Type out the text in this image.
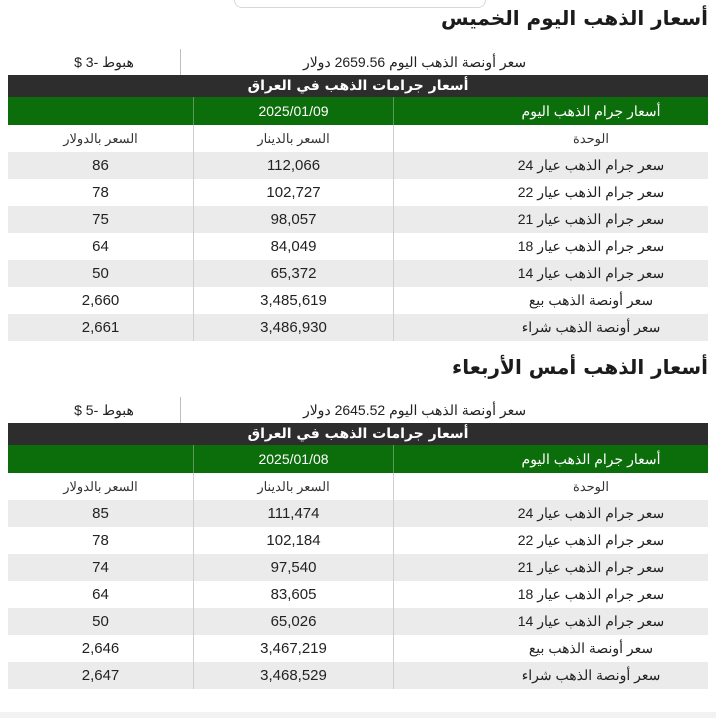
أسعار الذهب اليوم الخميس
سعر أونصة الذهب اليوم 2659.56 دولار
هبوط -3 $
أسعار جرامات الذهب في العراق
أسعار جرام الذهب اليوم
2025/01/09
الوحدة
السعر بالدينار
السعر بالدولار
سعر جرام الذهب عيار 24
112,066
86
سعر جرام الذهب عيار 22
102,727
78
سعر جرام الذهب عيار 21
98,057
75
سعر جرام الذهب عيار 18
84,049
64
سعر جرام الذهب عيار 14
65,372
50
سعر أونصة الذهب بيع
3,485,619
2,660
سعر أونصة الذهب شراء
3,486,930
2,661
أسعار الذهب أمس الأربعاء
سعر أونصة الذهب اليوم 2645.52 دولار
هبوط -5 $
أسعار جرامات الذهب في العراق
أسعار جرام الذهب اليوم
2025/01/08
الوحدة
السعر بالدينار
السعر بالدولار
سعر جرام الذهب عيار 24
111,474
85
سعر جرام الذهب عيار 22
102,184
78
سعر جرام الذهب عيار 21
97,540
74
سعر جرام الذهب عيار 18
83,605
64
سعر جرام الذهب عيار 14
65,026
50
سعر أونصة الذهب بيع
3,467,219
2,646
سعر أونصة الذهب شراء
3,468,529
2,647
